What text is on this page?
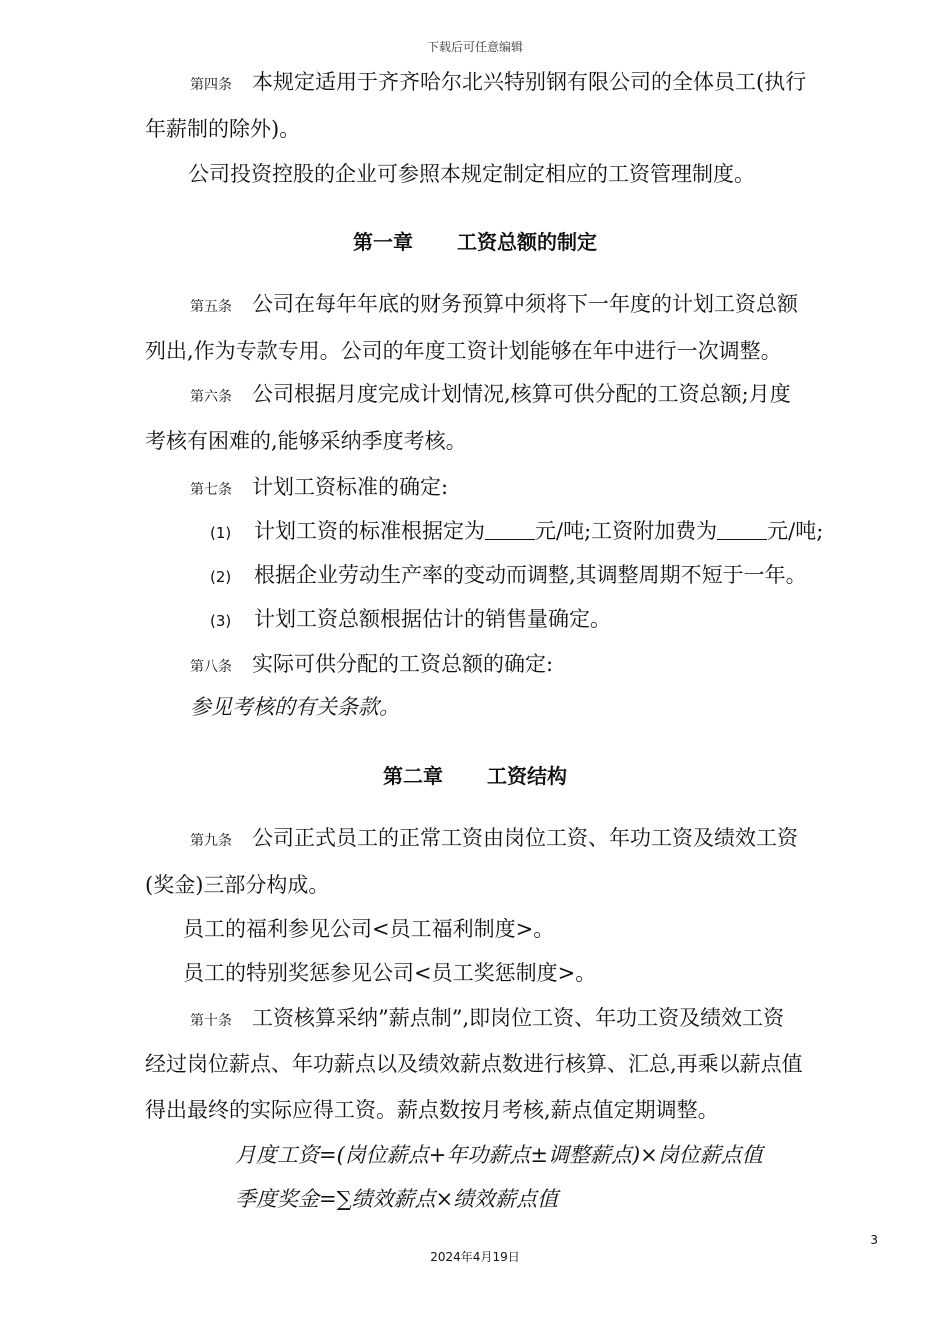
下载后可任意编辑
第四条 本规定适用于齐齐哈尔北兴特别钢有限公司的全体员工(执行
年薪制的除外)。
公司投资控股的企业可参照本规定制定相应的工资管理制度。
第一章 工资总额的制定
第五条 公司在每年年底的财务预算中须将下一年度的计划工资总额
列出,作为专款专用。公司的年度工资计划能够在年中进行一次调整。
第六条 公司根据月度完成计划情况,核算可供分配的工资总额;月度
考核有困难的,能够采纳季度考核。
第七条 计划工资标准的确定:
(1) 计划工资的标准根据定为 元/吨;工资附加费为 元/吨;
(2) 根据企业劳动生产率的变动而调整,其调整周期不短于一年。
(3) 计划工资总额根据估计的销售量确定。
第八条 实际可供分配的工资总额的确定:
参见考核的有关条款。
第二章 工资结构
第九条 公司正式员工的正常工资由岗位工资、年功工资及绩效工资
(奖金)三部分构成。
员工的福利参见公司<员工福利制度>。
员工的特别奖惩参见公司<员工奖惩制度>。
第十条 工资核算采纳”薪点制”,即岗位工资、年功工资及绩效工资
经过岗位薪点、年功薪点以及绩效薪点数进行核算、汇总,再乘以薪点值
得出最终的实际应得工资。薪点数按月考核,薪点值定期调整。
月度工资=(岗位薪点+年功薪点±调整薪点)×岗位薪点值
季度奖金=∑绩效薪点×绩效薪点值
3
2024年4月19日
